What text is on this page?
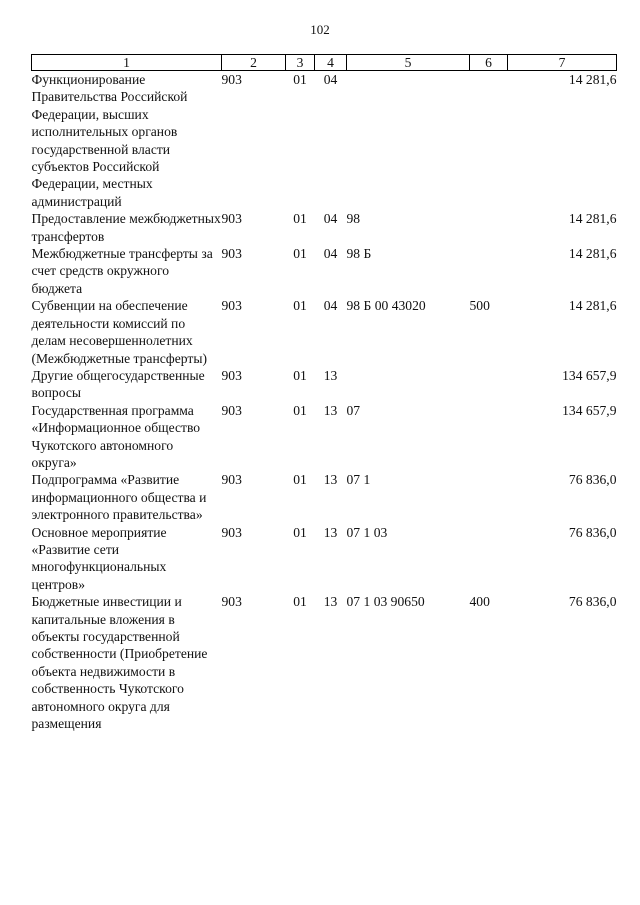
102
1	2	3	4	5	6	7
Функционирование Правительства Российской Федерации, высших исполнительных органов государственной власти субъектов Российской Федерации, местных администраций	903	01	04			14 281,6
Предоставление межбюджетных трансфертов	903	01	04	98		14 281,6
Межбюджетные трансферты за счет средств окружного бюджета	903	01	04	98 Б		14 281,6
Субвенции на обеспечение деятельности комиссий по делам несовершеннолетних (Межбюджетные трансферты)	903	01	04	98 Б 00 43020	500	14 281,6
Другие общегосударственные вопросы	903	01	13			134 657,9
Государственная программа «Информационное общество Чукотского автономного округа»	903	01	13	07		134 657,9
Подпрограмма «Развитие информационного общества и электронного правительства»	903	01	13	07 1		76 836,0
Основное мероприятие «Развитие сети многофункциональных центров»	903	01	13	07 1 03		76 836,0
Бюджетные инвестиции и капитальные вложения в объекты государственной собственности (Приобретение объекта недвижимости в собственность Чукотского автономного округа для размещения	903	01	13	07 1 03 90650	400	76 836,0
